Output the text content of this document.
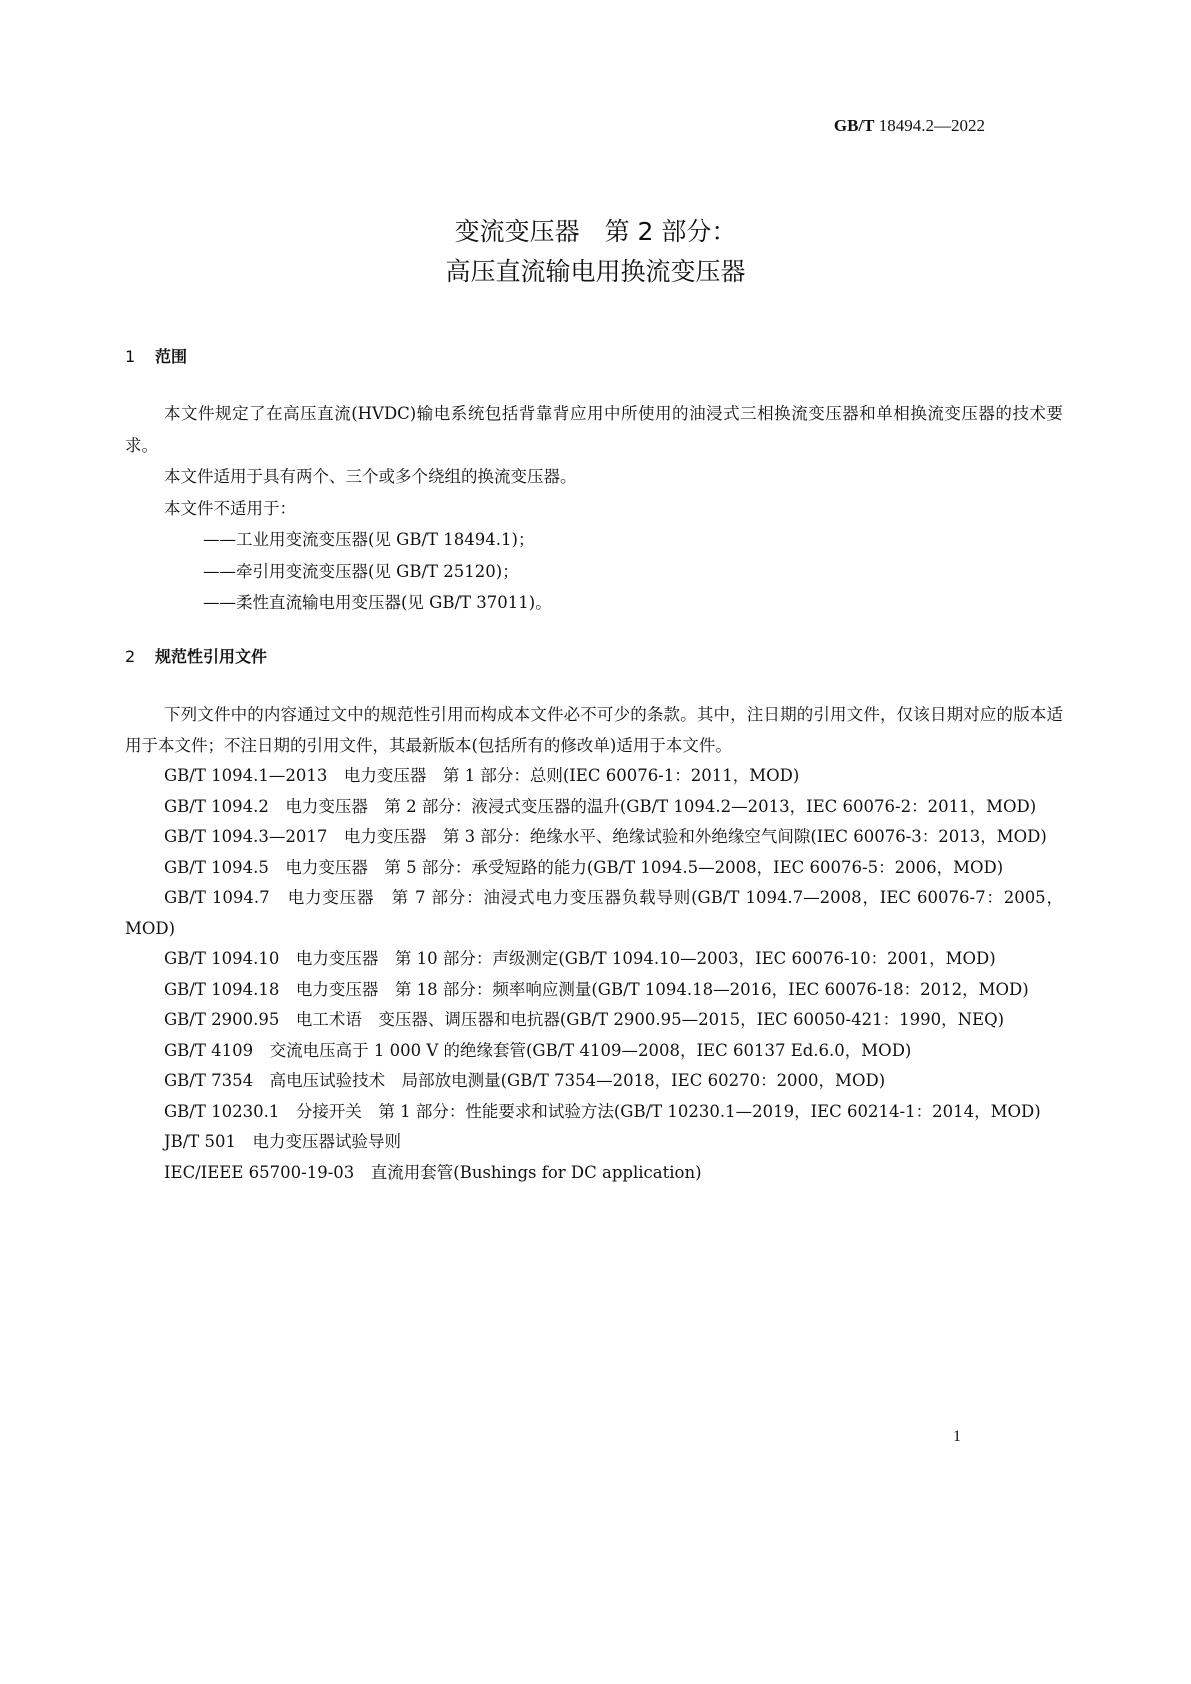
GB/T 18494.2—2022
变流变压器　第 2 部分：
高压直流输电用换流变压器
1 范围

本文件规定了在高压直流(HVDC)输电系统包括背靠背应用中所使用的油浸式三相换流变压器和单相换流变压器的技术要求。

本文件适用于具有两个、三个或多个绕组的换流变压器。

本文件不适用于：

——工业用变流变压器(见 GB/T 18494.1)；

——牵引用变流变压器(见 GB/T 25120)；

——柔性直流输电用变压器(见 GB/T 37011)。

2 规范性引用文件

下列文件中的内容通过文中的规范性引用而构成本文件必不可少的条款。其中，注日期的引用文件，仅该日期对应的版本适用于本文件；不注日期的引用文件，其最新版本(包括所有的修改单)适用于本文件。

GB/T 1094.1—2013　电力变压器　第 1 部分：总则(IEC 60076-1：2011，MOD)

GB/T 1094.2　电力变压器　第 2 部分：液浸式变压器的温升(GB/T 1094.2—2013，IEC 60076-2：2011，MOD)

GB/T 1094.3—2017　电力变压器　第 3 部分：绝缘水平、绝缘试验和外绝缘空气间隙(IEC 60076-3：2013，MOD)

GB/T 1094.5　电力变压器　第 5 部分：承受短路的能力(GB/T 1094.5—2008，IEC 60076-5：2006，MOD)

GB/T 1094.7　电力变压器　第 7 部分：油浸式电力变压器负载导则(GB/T 1094.7—2008，IEC 60076-7：2005，MOD)

GB/T 1094.10　电力变压器　第 10 部分：声级测定(GB/T 1094.10—2003，IEC 60076-10：2001，MOD)

GB/T 1094.18　电力变压器　第 18 部分：频率响应测量(GB/T 1094.18—2016，IEC 60076-18：2012，MOD)

GB/T 2900.95　电工术语　变压器、调压器和电抗器(GB/T 2900.95—2015，IEC 60050-421：1990，NEQ)

GB/T 4109　交流电压高于 1 000 V 的绝缘套管(GB/T 4109—2008，IEC 60137 Ed.6.0，MOD)

GB/T 7354　高电压试验技术　局部放电测量(GB/T 7354—2018，IEC 60270：2000，MOD)

GB/T 10230.1　分接开关　第 1 部分：性能要求和试验方法(GB/T 10230.1—2019，IEC 60214-1：2014，MOD)

JB/T 501　电力变压器试验导则

IEC/IEEE 65700-19-03　直流用套管(Bushings for DC application)

1
